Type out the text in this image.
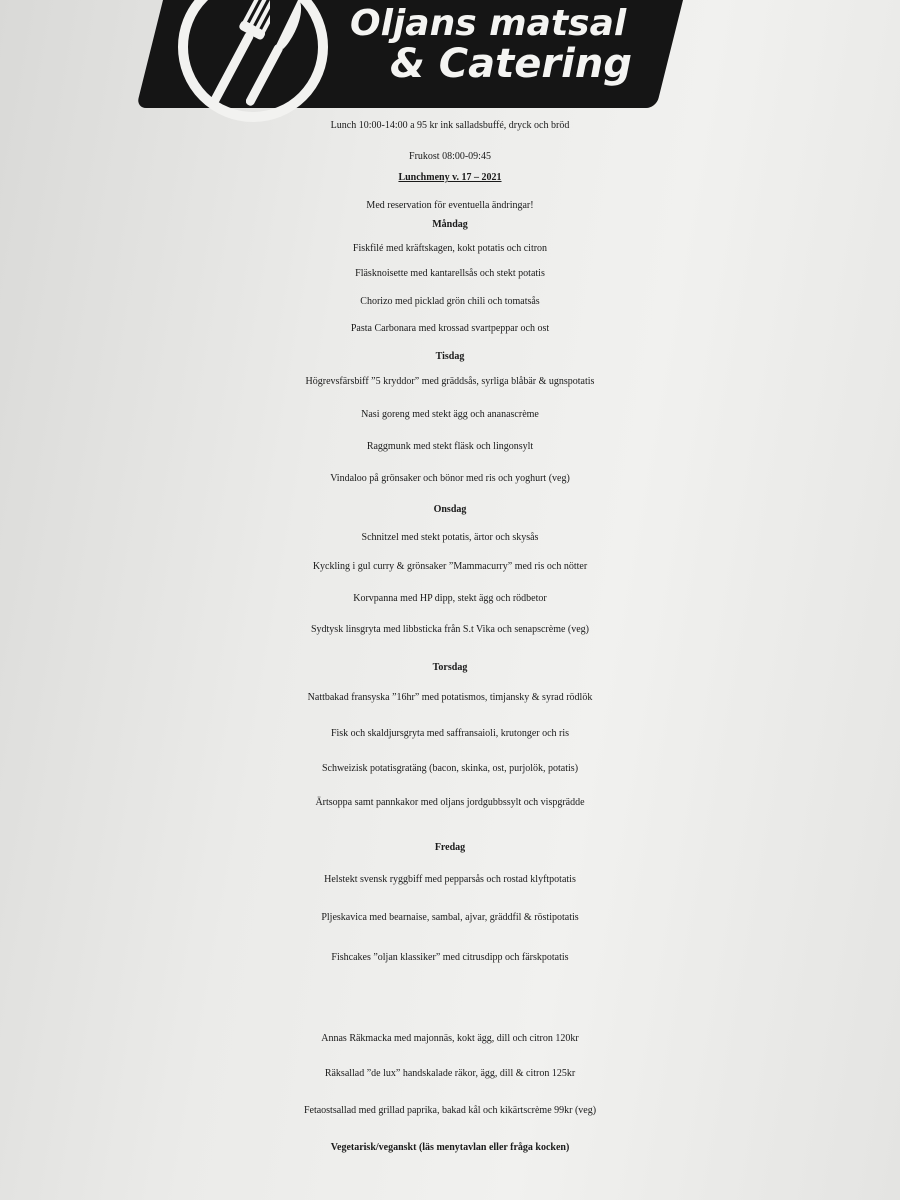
Oljans matsal
& Catering
Lunch 10:00-14:00 a 95 kr ink salladsbuffé, dryck och bröd
Frukost 08:00-09:45
Lunchmeny v. 17 – 2021
Med reservation för eventuella ändringar!
Måndag
Fiskfilé med kräftskagen, kokt potatis och citron
Fläsknoisette med kantarellsås och stekt potatis
Chorizo med picklad grön chili och tomatsås
Pasta Carbonara med krossad svartpeppar och ost
Tisdag
Högrevsfärsbiff ”5 kryddor” med gräddsås, syrliga blåbär & ugnspotatis
Nasi goreng med stekt ägg och ananascrème
Raggmunk med stekt fläsk och lingonsylt
Vindaloo på grönsaker och bönor med ris och yoghurt (veg)
Onsdag
Schnitzel med stekt potatis, ärtor och skysås
Kyckling i gul curry & grönsaker ”Mammacurry” med ris och nötter
Korvpanna med HP dipp, stekt ägg och rödbetor
Sydtysk linsgryta med libbsticka från S.t Vika och senapscrème (veg)
Torsdag
Nattbakad fransyska ”16hr” med potatismos, timjansky & syrad rödlök
Fisk och skaldjursgryta med saffransaioli, krutonger och ris
Schweizisk potatisgratäng (bacon, skinka, ost, purjolök, potatis)
Ärtsoppa samt pannkakor med oljans jordgubbssylt och vispgrädde
Fredag
Helstekt svensk ryggbiff med pepparsås och rostad klyftpotatis
Pljeskavica med bearnaise, sambal, ajvar, gräddfil & röstipotatis
Fishcakes ”oljan klassiker” med citrusdipp och färskpotatis
Annas Räkmacka med majonnäs, kokt ägg, dill och citron 120kr
Räksallad ”de lux” handskalade räkor, ägg, dill & citron 125kr
Fetaostsallad med grillad paprika, bakad kål och kikärtscrème 99kr (veg)
Vegetarisk/veganskt (läs menytavlan eller fråga kocken)
